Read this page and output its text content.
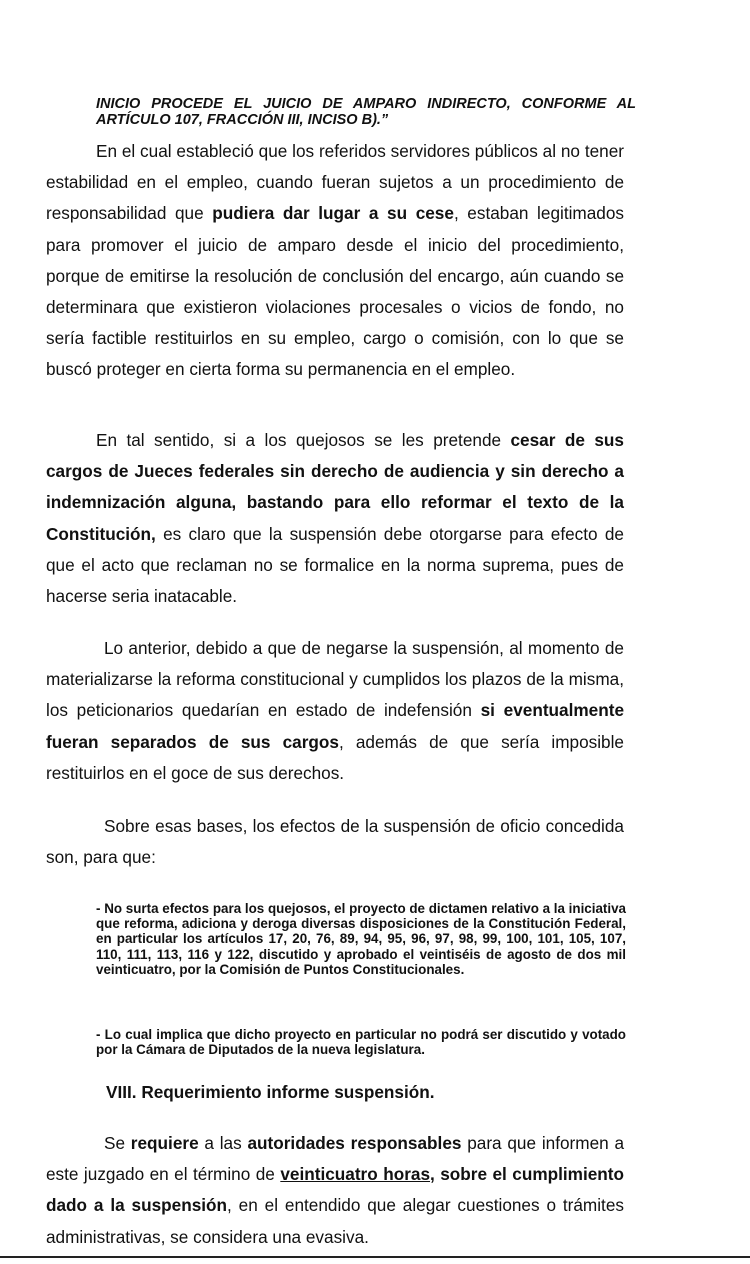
INICIO PROCEDE EL JUICIO DE AMPARO INDIRECTO, CONFORME AL ARTÍCULO 107, FRACCIÓN III, INCISO B).”
En el cual estableció que los referidos servidores públicos al no tener estabilidad en el empleo, cuando fueran sujetos a un procedimiento de responsabilidad que pudiera dar lugar a su cese, estaban legitimados para promover el juicio de amparo desde el inicio del procedimiento, porque de emitirse la resolución de conclusión del encargo, aún cuando se determinara que existieron violaciones procesales o vicios de fondo, no sería factible restituirlos en su empleo, cargo o comisión, con lo que se buscó proteger en cierta forma su permanencia en el empleo.
En tal sentido, si a los quejosos se les pretende cesar de sus cargos de Jueces federales sin derecho de audiencia y sin derecho a indemnización alguna, bastando para ello reformar el texto de la Constitución, es claro que la suspensión debe otorgarse para efecto de que el acto que reclaman no se formalice en la norma suprema, pues de hacerse seria inatacable.
Lo anterior, debido a que de negarse la suspensión, al momento de materializarse la reforma constitucional y cumplidos los plazos de la misma, los peticionarios quedarían en estado de indefensión si eventualmente fueran separados de sus cargos, además de que sería imposible restituirlos en el goce de sus derechos.
Sobre esas bases, los efectos de la suspensión de oficio concedida son, para que:
- No surta efectos para los quejosos, el proyecto de dictamen relativo a la iniciativa que reforma, adiciona y deroga diversas disposiciones de la Constitución Federal, en particular los artículos 17, 20, 76, 89, 94, 95, 96, 97, 98, 99, 100, 101, 105, 107, 110, 111, 113, 116 y 122, discutido y aprobado el veintiséis de agosto de dos mil veinticuatro, por la Comisión de Puntos Constitucionales.
- Lo cual implica que dicho proyecto en particular no podrá ser discutido y votado por la Cámara de Diputados de la nueva legislatura.
VIII. Requerimiento informe suspensión.
Se requiere a las autoridades responsables para que informen a este juzgado en el término de veinticuatro horas, sobre el cumplimiento dado a la suspensión, en el entendido que alegar cuestiones o trámites administrativas, se considera una evasiva.
